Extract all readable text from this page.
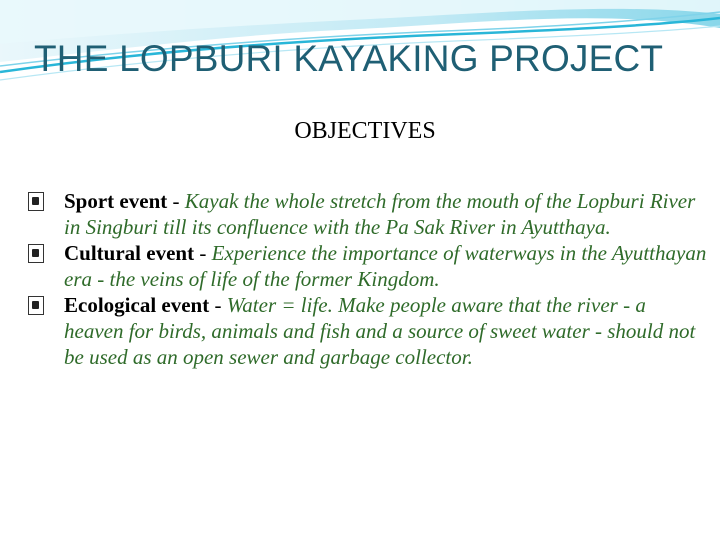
THE LOPBURI KAYAKING PROJECT
OBJECTIVES
Sport event - Kayak the whole stretch from the mouth of the Lopburi River in Singburi till its confluence with the Pa Sak River in Ayutthaya.
Cultural event - Experience the importance of waterways in the Ayutthayan era - the veins of life of the former Kingdom.
Ecological event - Water = life. Make people aware that the river - a heaven for birds, animals and fish and a source of sweet water - should not be used as an open sewer and garbage collector.
